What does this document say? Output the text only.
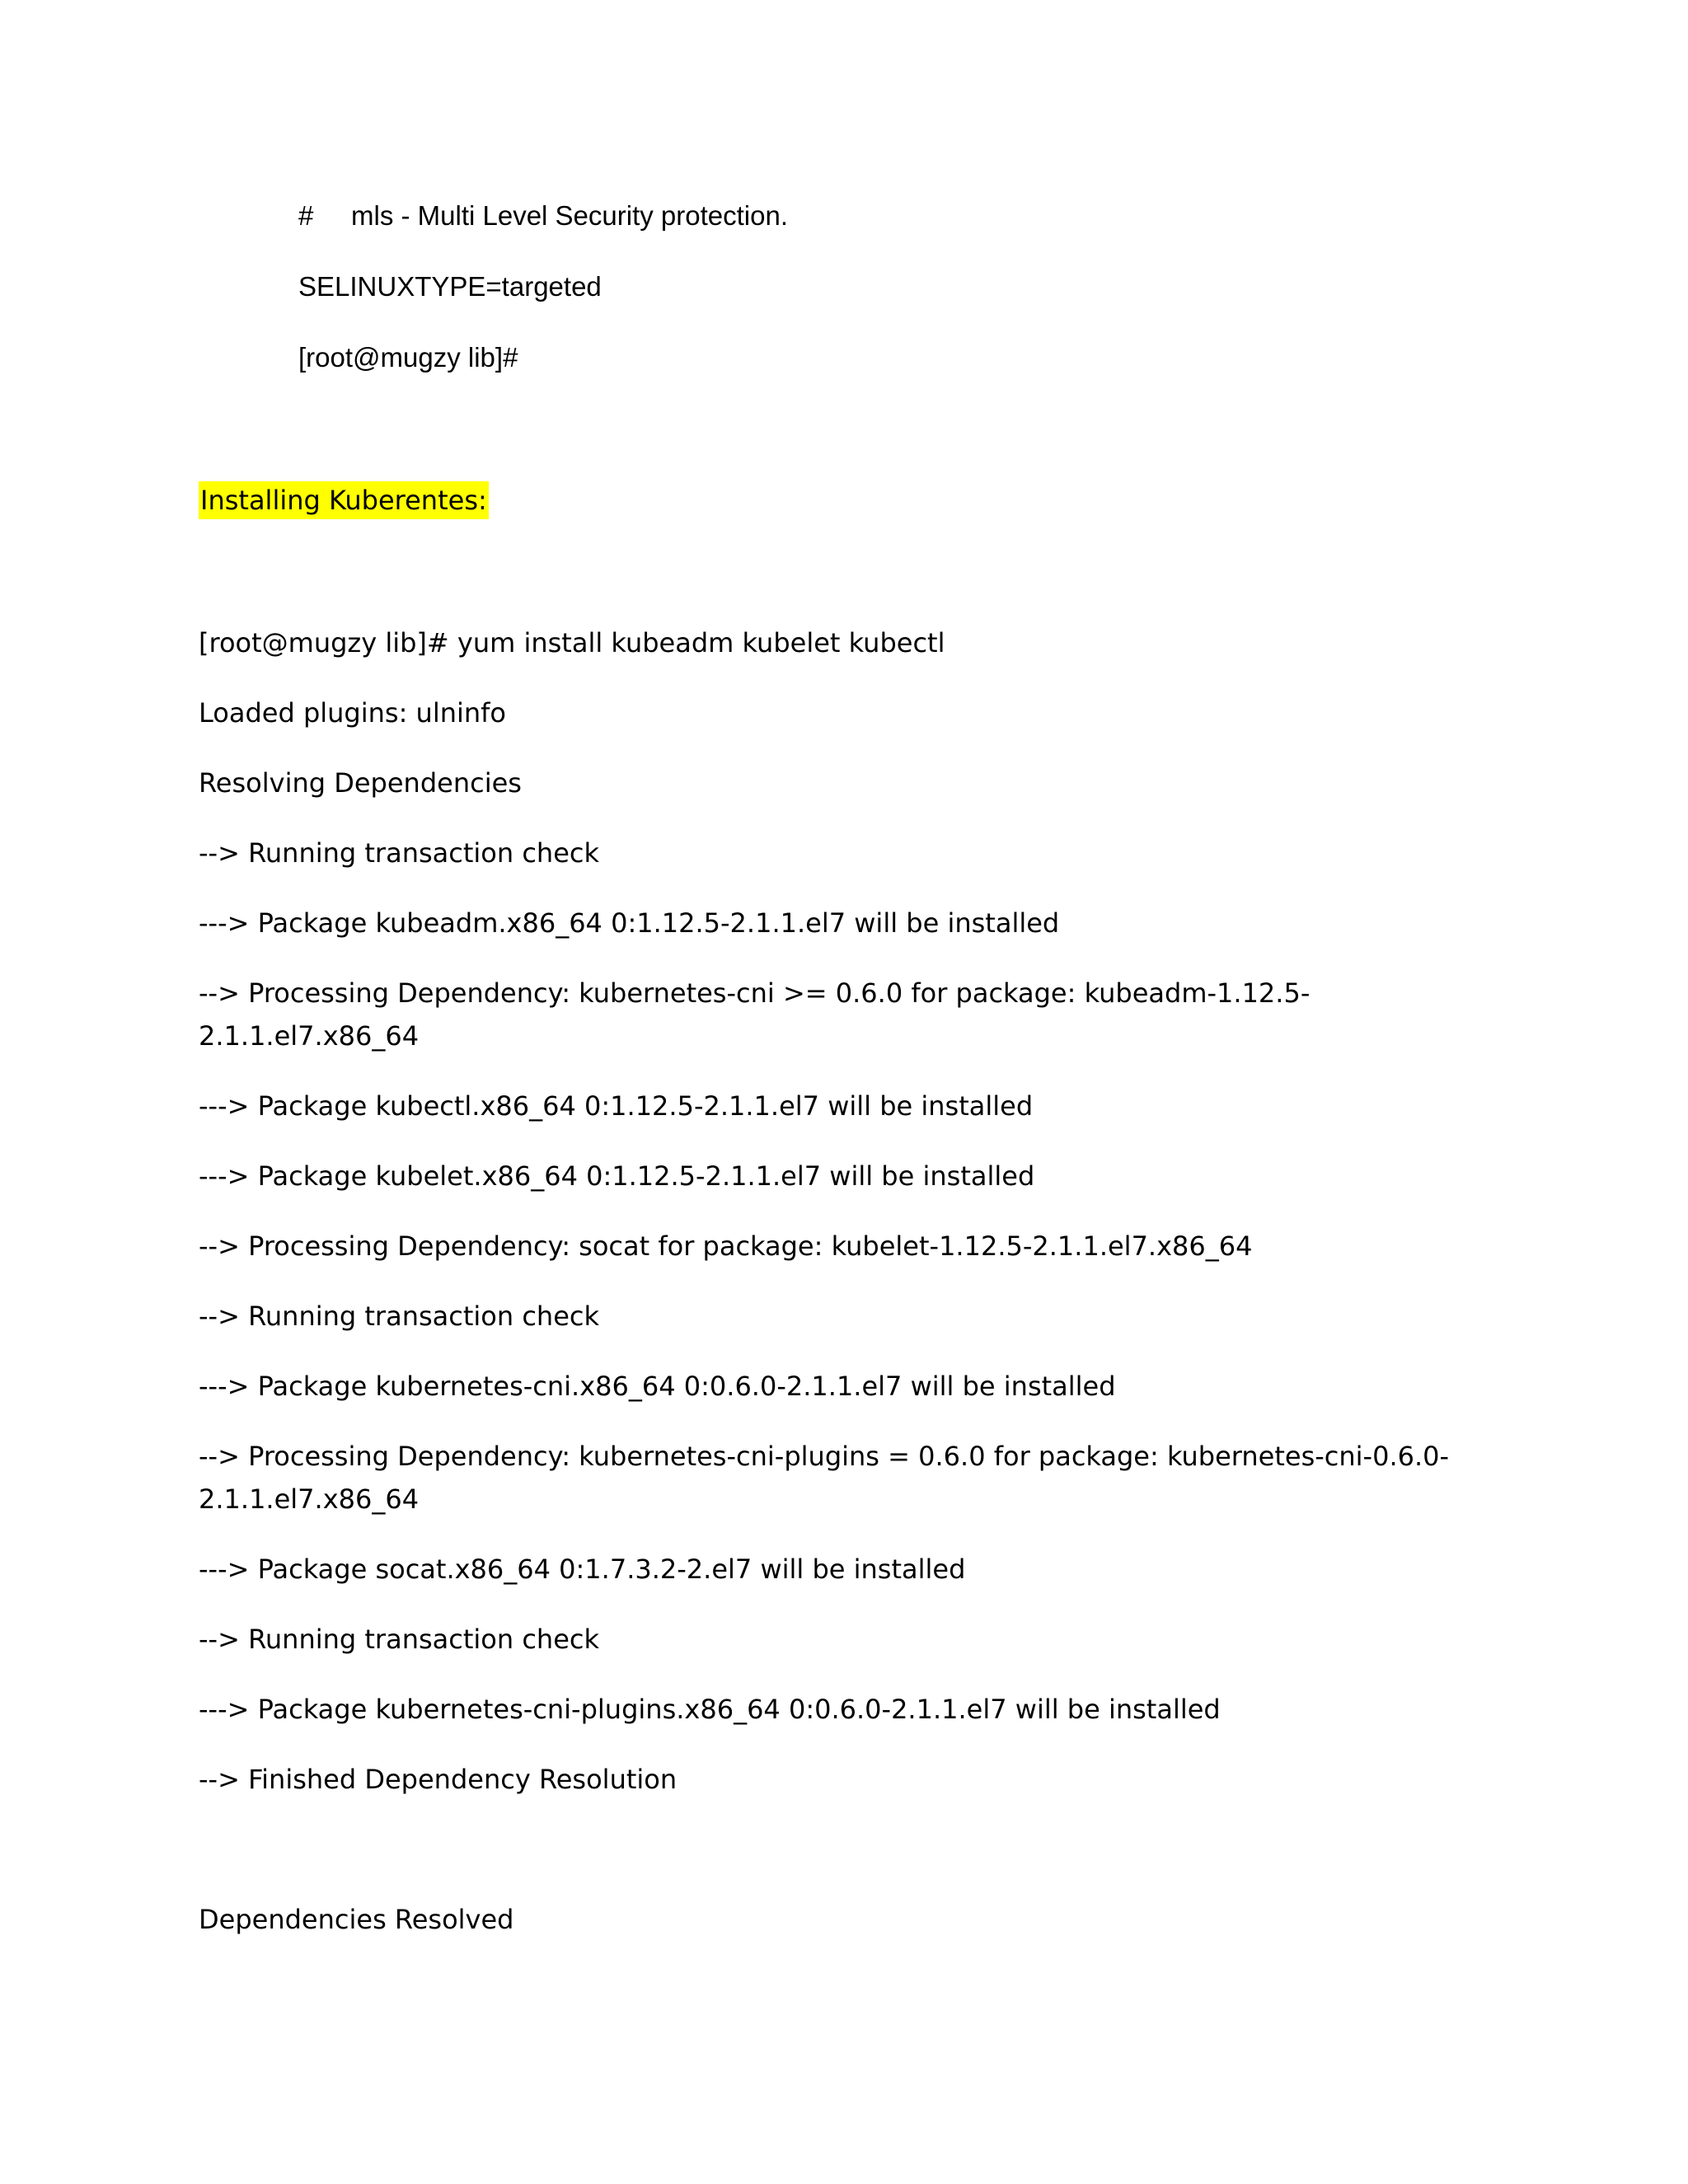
# mls - Multi Level Security protection.
SELINUXTYPE=targeted
[root@mugzy lib]#
Installing Kuberentes:
[root@mugzy lib]# yum install kubeadm kubelet kubectl
Loaded plugins: ulninfo
Resolving Dependencies
--> Running transaction check
---> Package kubeadm.x86_64 0:1.12.5-2.1.1.el7 will be installed
--> Processing Dependency: kubernetes-cni >= 0.6.0 for package: kubeadm-1.12.5-2.1.1.el7.x86_64
---> Package kubectl.x86_64 0:1.12.5-2.1.1.el7 will be installed
---> Package kubelet.x86_64 0:1.12.5-2.1.1.el7 will be installed
--> Processing Dependency: socat for package: kubelet-1.12.5-2.1.1.el7.x86_64
--> Running transaction check
---> Package kubernetes-cni.x86_64 0:0.6.0-2.1.1.el7 will be installed
--> Processing Dependency: kubernetes-cni-plugins = 0.6.0 for package: kubernetes-cni-0.6.0-
2.1.1.el7.x86_64
---> Package socat.x86_64 0:1.7.3.2-2.el7 will be installed
--> Running transaction check
---> Package kubernetes-cni-plugins.x86_64 0:0.6.0-2.1.1.el7 will be installed
--> Finished Dependency Resolution
Dependencies Resolved
